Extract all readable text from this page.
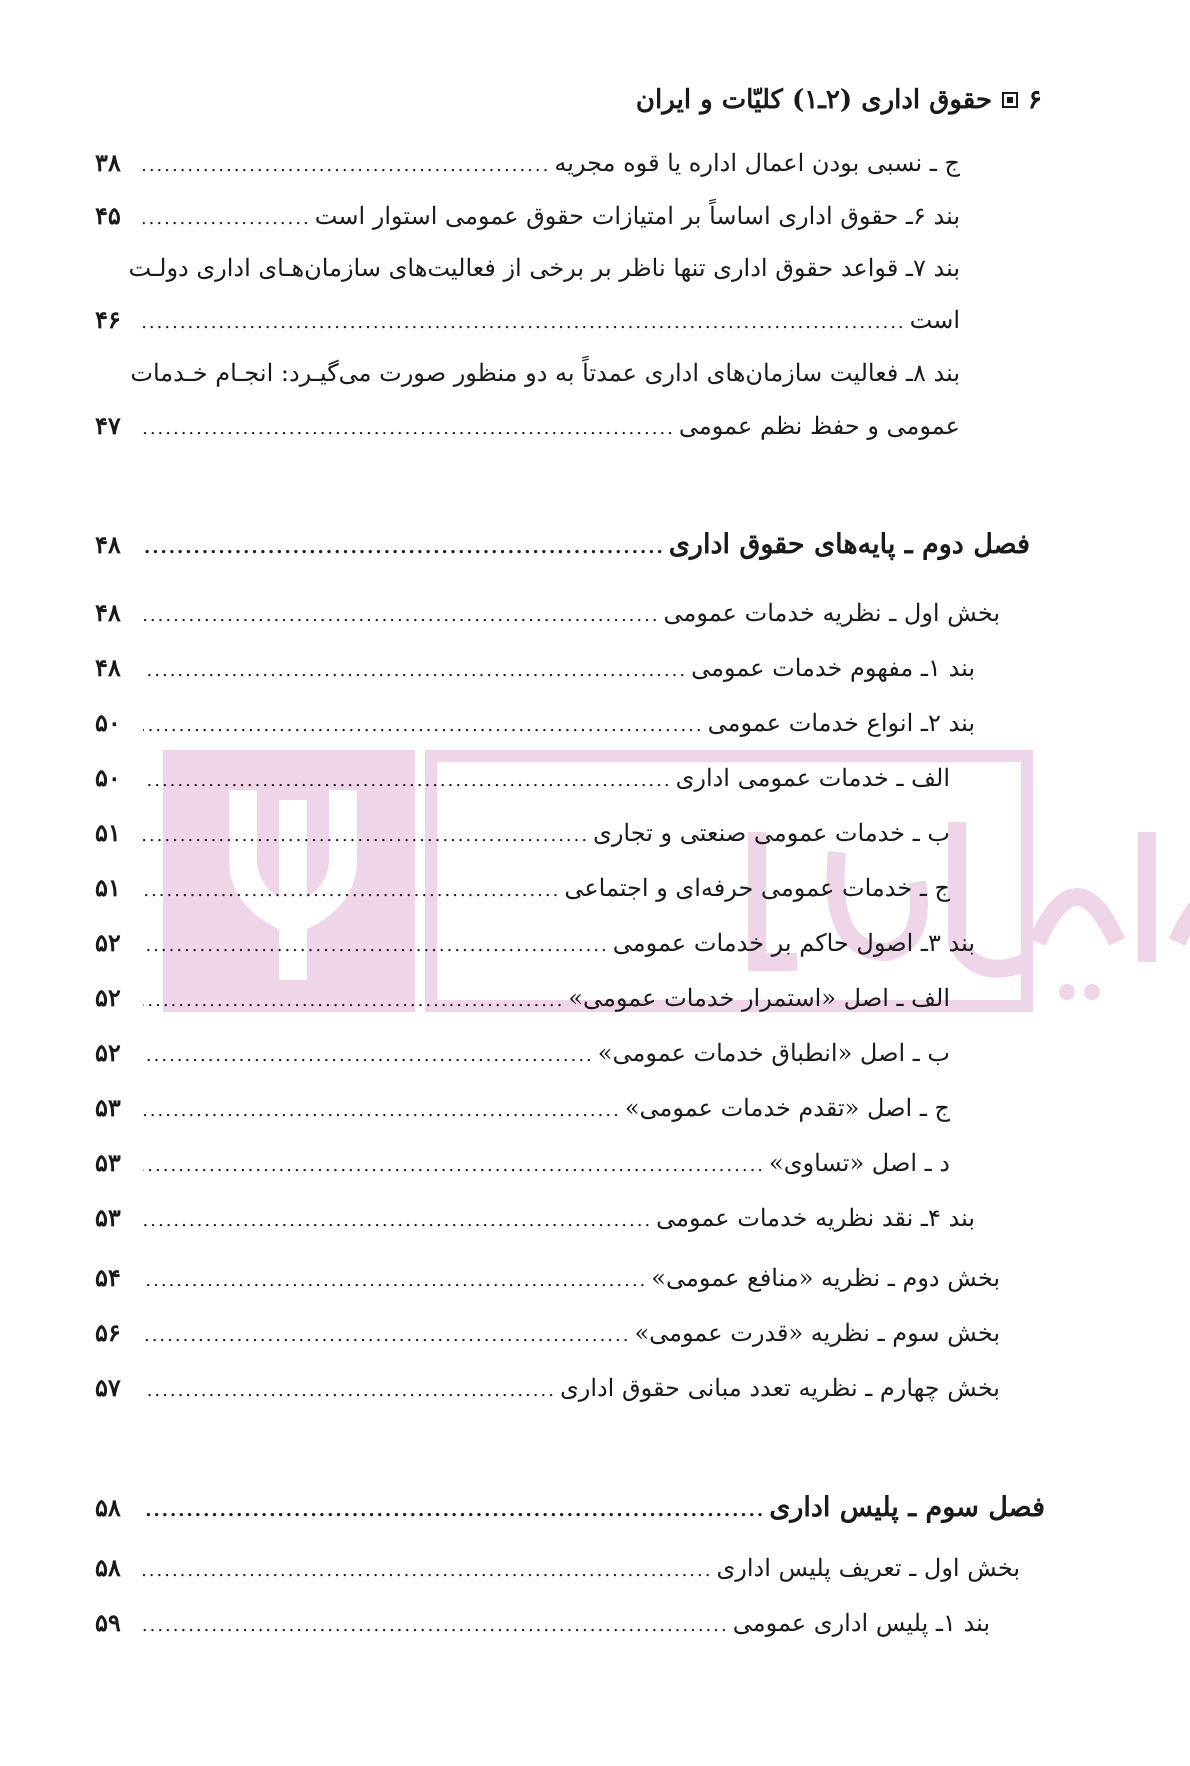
۶
حقوق اداری (۲ـ۱) کلیّات و ایران
ج ـ نسبی بودن اعمال اداره یا قوه مجریه
.....
۳۸
بند ۶ـ حقوق اداری اساساً بر امتیازات حقوق عمومی استوار است
.....
۴۵
بند ۷ـ قواعد حقوق اداری تنها ناظر بر برخی از فعالیت‌های سازمان‌هـای اداری دولـت
است
.....
۴۶
بند ۸ـ فعالیت سازمان‌های اداری عمدتاً به دو منظور صورت می‌گیـرد: انجـام خـدمات
عمومی و حفظ نظم عمومی
.....
۴۷
فصل دوم ـ پایه‌های حقوق اداری
.....
۴۸
بخش اول ـ نظریه خدمات عمومی
.....
۴۸
بند ۱ـ مفهوم خدمات عمومی
.....
۴۸
بند ۲ـ انواع خدمات عمومی
.....
۵۰
الف ـ خدمات عمومی اداری
.....
۵۰
ب ـ خدمات عمومی صنعتی و تجاری
.....
۵۱
ج ـ خدمات عمومی حرفه‌ای و اجتماعی
.....
۵۱
بند ۳ـ اصول حاکم بر خدمات عمومی
.....
۵۲
الف ـ اصل «استمرار خدمات عمومی»
.....
۵۲
ب ـ اصل «انطباق خدمات عمومی»
.....
۵۲
ج ـ اصل «تقدم خدمات عمومی»
.....
۵۳
د ـ اصل «تساوی»
.....
۵۳
بند ۴ـ نقد نظریه خدمات عمومی
.....
۵۳
بخش دوم ـ نظریه «منافع عمومی»
.....
۵۴
بخش سوم ـ نظریه «قدرت عمومی»
.....
۵۶
بخش چهارم ـ نظریه تعدد مبانی حقوق اداری
.....
۵۷
فصل سوم ـ پلیس اداری
.....
۵۸
بخش اول ـ تعریف پلیس اداری
.....
۵۸
بند ۱ـ پلیس اداری عمومی
.....
۵۹
